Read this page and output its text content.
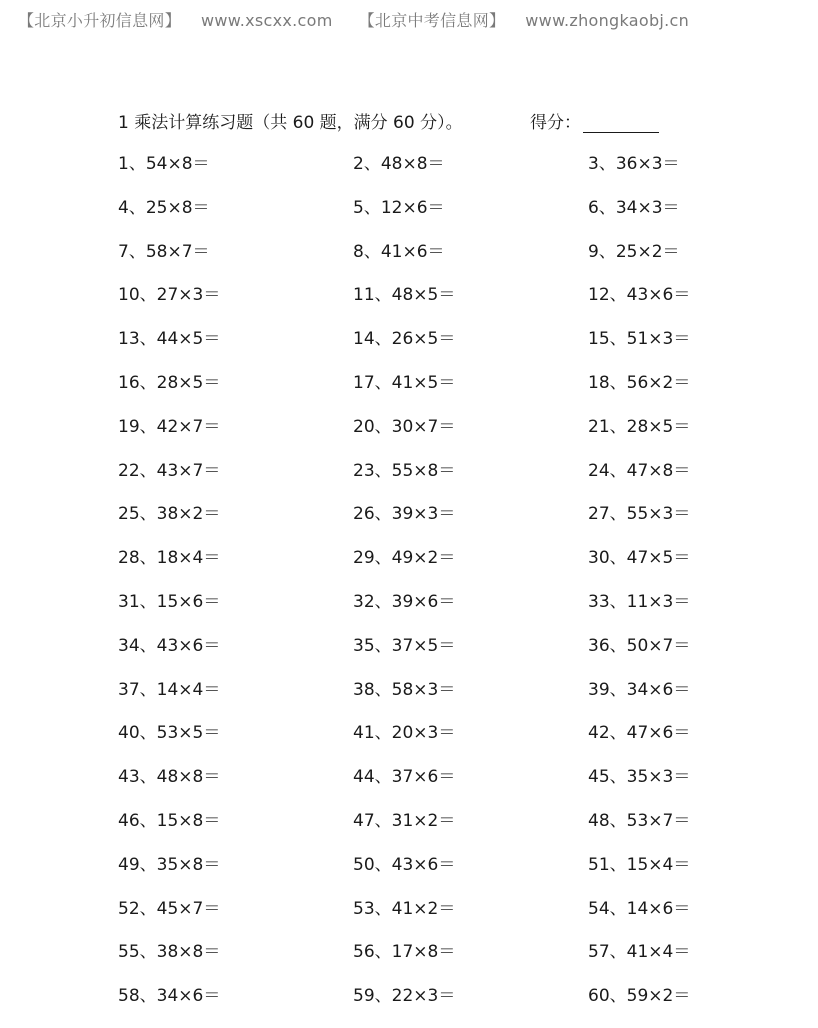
【北京小升初信息网】 www.xscxx.com 【北京中考信息网】 www.zhongkaobj.cn
1 乘法计算练习题（共 60 题，满分 60 分）。	得分：
1、54×8＝	2、48×8＝	3、36×3＝
4、25×8＝	5、12×6＝	6、34×3＝
7、58×7＝	8、41×6＝	9、25×2＝
10、27×3＝	11、48×5＝	12、43×6＝
13、44×5＝	14、26×5＝	15、51×3＝
16、28×5＝	17、41×5＝	18、56×2＝
19、42×7＝	20、30×7＝	21、28×5＝
22、43×7＝	23、55×8＝	24、47×8＝
25、38×2＝	26、39×3＝	27、55×3＝
28、18×4＝	29、49×2＝	30、47×5＝
31、15×6＝	32、39×6＝	33、11×3＝
34、43×6＝	35、37×5＝	36、50×7＝
37、14×4＝	38、58×3＝	39、34×6＝
40、53×5＝	41、20×3＝	42、47×6＝
43、48×8＝	44、37×6＝	45、35×3＝
46、15×8＝	47、31×2＝	48、53×7＝
49、35×8＝	50、43×6＝	51、15×4＝
52、45×7＝	53、41×2＝	54、14×6＝
55、38×8＝	56、17×8＝	57、41×4＝
58、34×6＝	59、22×3＝	60、59×2＝
